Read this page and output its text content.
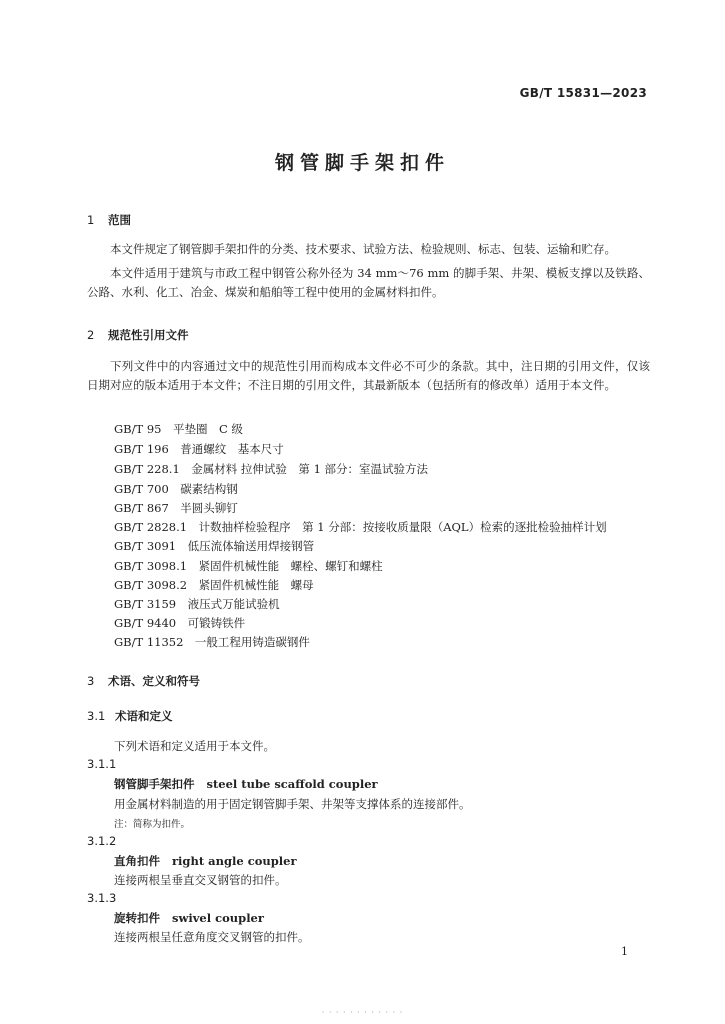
GB/T 15831—2023
钢管脚手架扣件
1 范围
本文件规定了钢管脚手架扣件的分类、技术要求、试验方法、检验规则、标志、包装、运输和贮存。
本文件适用于建筑与市政工程中钢管公称外径为 34 mm～76 mm 的脚手架、井架、模板支撑以及铁路、公路、水利、化工、冶金、煤炭和船舶等工程中使用的金属材料扣件。
2 规范性引用文件
下列文件中的内容通过文中的规范性引用而构成本文件必不可少的条款。其中，注日期的引用文件，仅该日期对应的版本适用于本文件；不注日期的引用文件，其最新版本（包括所有的修改单）适用于本文件。
GB/T 95　平垫圈　C 级
GB/T 196　普通螺纹　基本尺寸
GB/T 228.1　金属材料 拉伸试验　第 1 部分：室温试验方法
GB/T 700　碳素结构钢
GB/T 867　半圆头铆钉
GB/T 2828.1　计数抽样检验程序　第 1 分部：按接收质量限（AQL）检索的逐批检验抽样计划
GB/T 3091　低压流体输送用焊接钢管
GB/T 3098.1　紧固件机械性能　螺栓、螺钉和螺柱
GB/T 3098.2　紧固件机械性能　螺母
GB/T 3159　液压式万能试验机
GB/T 9440　可锻铸铁件
GB/T 11352　一般工程用铸造碳钢件
3 术语、定义和符号
3.1 术语和定义
下列术语和定义适用于本文件。
3.1.1
钢管脚手架扣件 steel tube scaffold coupler
用金属材料制造的用于固定钢管脚手架、井架等支撑体系的连接部件。
注：简称为扣件。
3.1.2
直角扣件 right angle coupler
连接两根呈垂直交叉钢管的扣件。
3.1.3
旋转扣件 swivel coupler
连接两根呈任意角度交叉钢管的扣件。
1
· · · · · · · · · · · ·
